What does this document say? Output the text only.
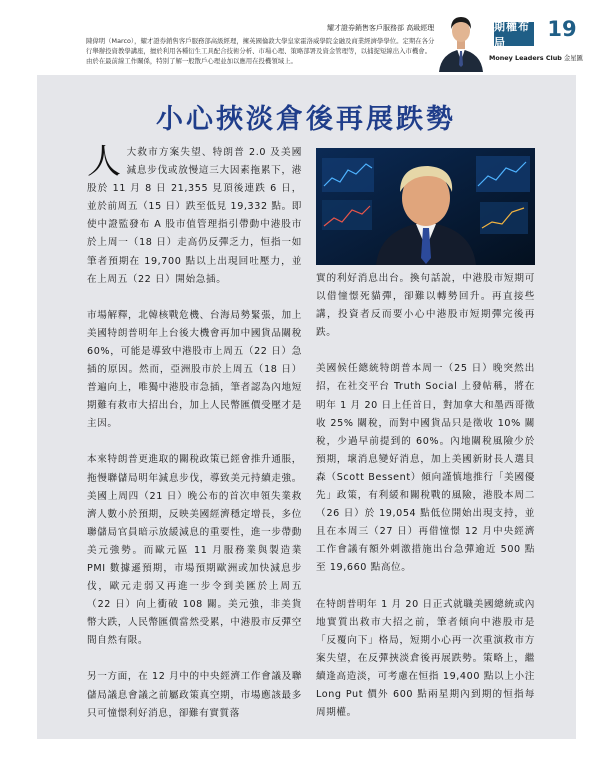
耀才證券銷售客戶服務部 高級經理
陳偉明（Marco），耀才證券銷售客戶服務部高級經理，擁英國倫敦大學皇家霍洛威學院金融及商業經濟學學位。定期在各分行舉辦投資教學講座，擅於利用各種衍生工具配合技術分析、市場心理、策略部署及資金管理等，以捕捉短線出入市機會。由於在最前線工作關係，特別了解一般散戶心理並加以應用在投機領域上。
期權布局
19
Money Leaders Club 金星匯
小心挾淡倉後再展跌勢

人大救市方案失望、特朗普 2.0 及美國減息步伐或放慢這三大因素拖累下，港股於 11 月 8 日 21,355 見頂後連跌 6 日，並於前周五（15 日）跌至低見 19,332 點。即使中證監發布 A 股市值管理指引帶動中港股市於上周一（18 日）走高仍反彈乏力，恒指一如筆者預期在 19,700 點以上出現回吐壓力，並在上周五（22 日）開始急插。

市場解釋，北韓核戰危機、台海局勢緊張，加上美國特朗普明年上台後大機會再加中國貨品關稅 60%，可能是導致中港股市上周五（22 日）急插的原因。然而，亞洲股市於上周五（18 日）普遍向上，唯獨中港股市急插，筆者認為內地短期難有救市大招出台，加上人民幣匯價受壓才是主因。

本來特朗普更進取的關稅政策已經會推升通脹，拖慢聯儲局明年減息步伐，導致美元持續走強。美國上周四（21 日）晚公布的首次申領失業救濟人數小於預期，反映美國經濟穩定增長，多位聯儲局官員暗示放緩減息的重要性，進一步帶動美元強勢。而歐元區 11 月服務業與製造業 PMI 數據遜預期，市場預期歐洲或加快減息步伐，歐元走弱又再進一步令到美匯於上周五（22 日）向上衝破 108 關。美元強，非美貨幣大跌，人民幣匯價當然受累，中港股市反彈空間自然有限。

另一方面，在 12 月中的中央經濟工作會議及聯儲局議息會議之前屬政策真空期，市場應該最多只可憧憬利好消息，卻難有實質落

實的利好消息出台。換句話說，中港股市短期可以借憧憬死貓彈，卻難以轉勢回升。再直接些講，投資者反而要小心中港股市短期彈完後再跌。

美國候任總統特朗普本周一（25 日）晚突然出招，在社交平台 Truth Social 上發帖稱，將在明年 1 月 20 日上任首日，對加拿大和墨西哥徵收 25% 關稅，而對中國貨品只是徵收 10% 關稅，少過早前提到的 60%。內地關稅風險少於預期，壞消息變好消息，加上美國新財長人選貝森（Scott Bessent）傾向謹慎地推行「美國優先」政策，有利緩和關稅戰的風險，港股本周二（26 日）於 19,054 點低位開始出現支持，並且在本周三（27 日）再借憧憬 12 月中央經濟工作會議有額外刺激措施出台急彈逾近 500 點至 19,660 點高位。

在特朗普明年 1 月 20 日正式就職美國總統或內地實質出救市大招之前，筆者傾向中港股市是「反覆向下」格局，短期小心再一次重演救市方案失望，在反彈挾淡倉後再展跌勢。策略上，繼續逢高造淡，可考慮在恒指 19,400 點以上小注 Long Put 價外 600 點兩星期內到期的恒指每周期權。
